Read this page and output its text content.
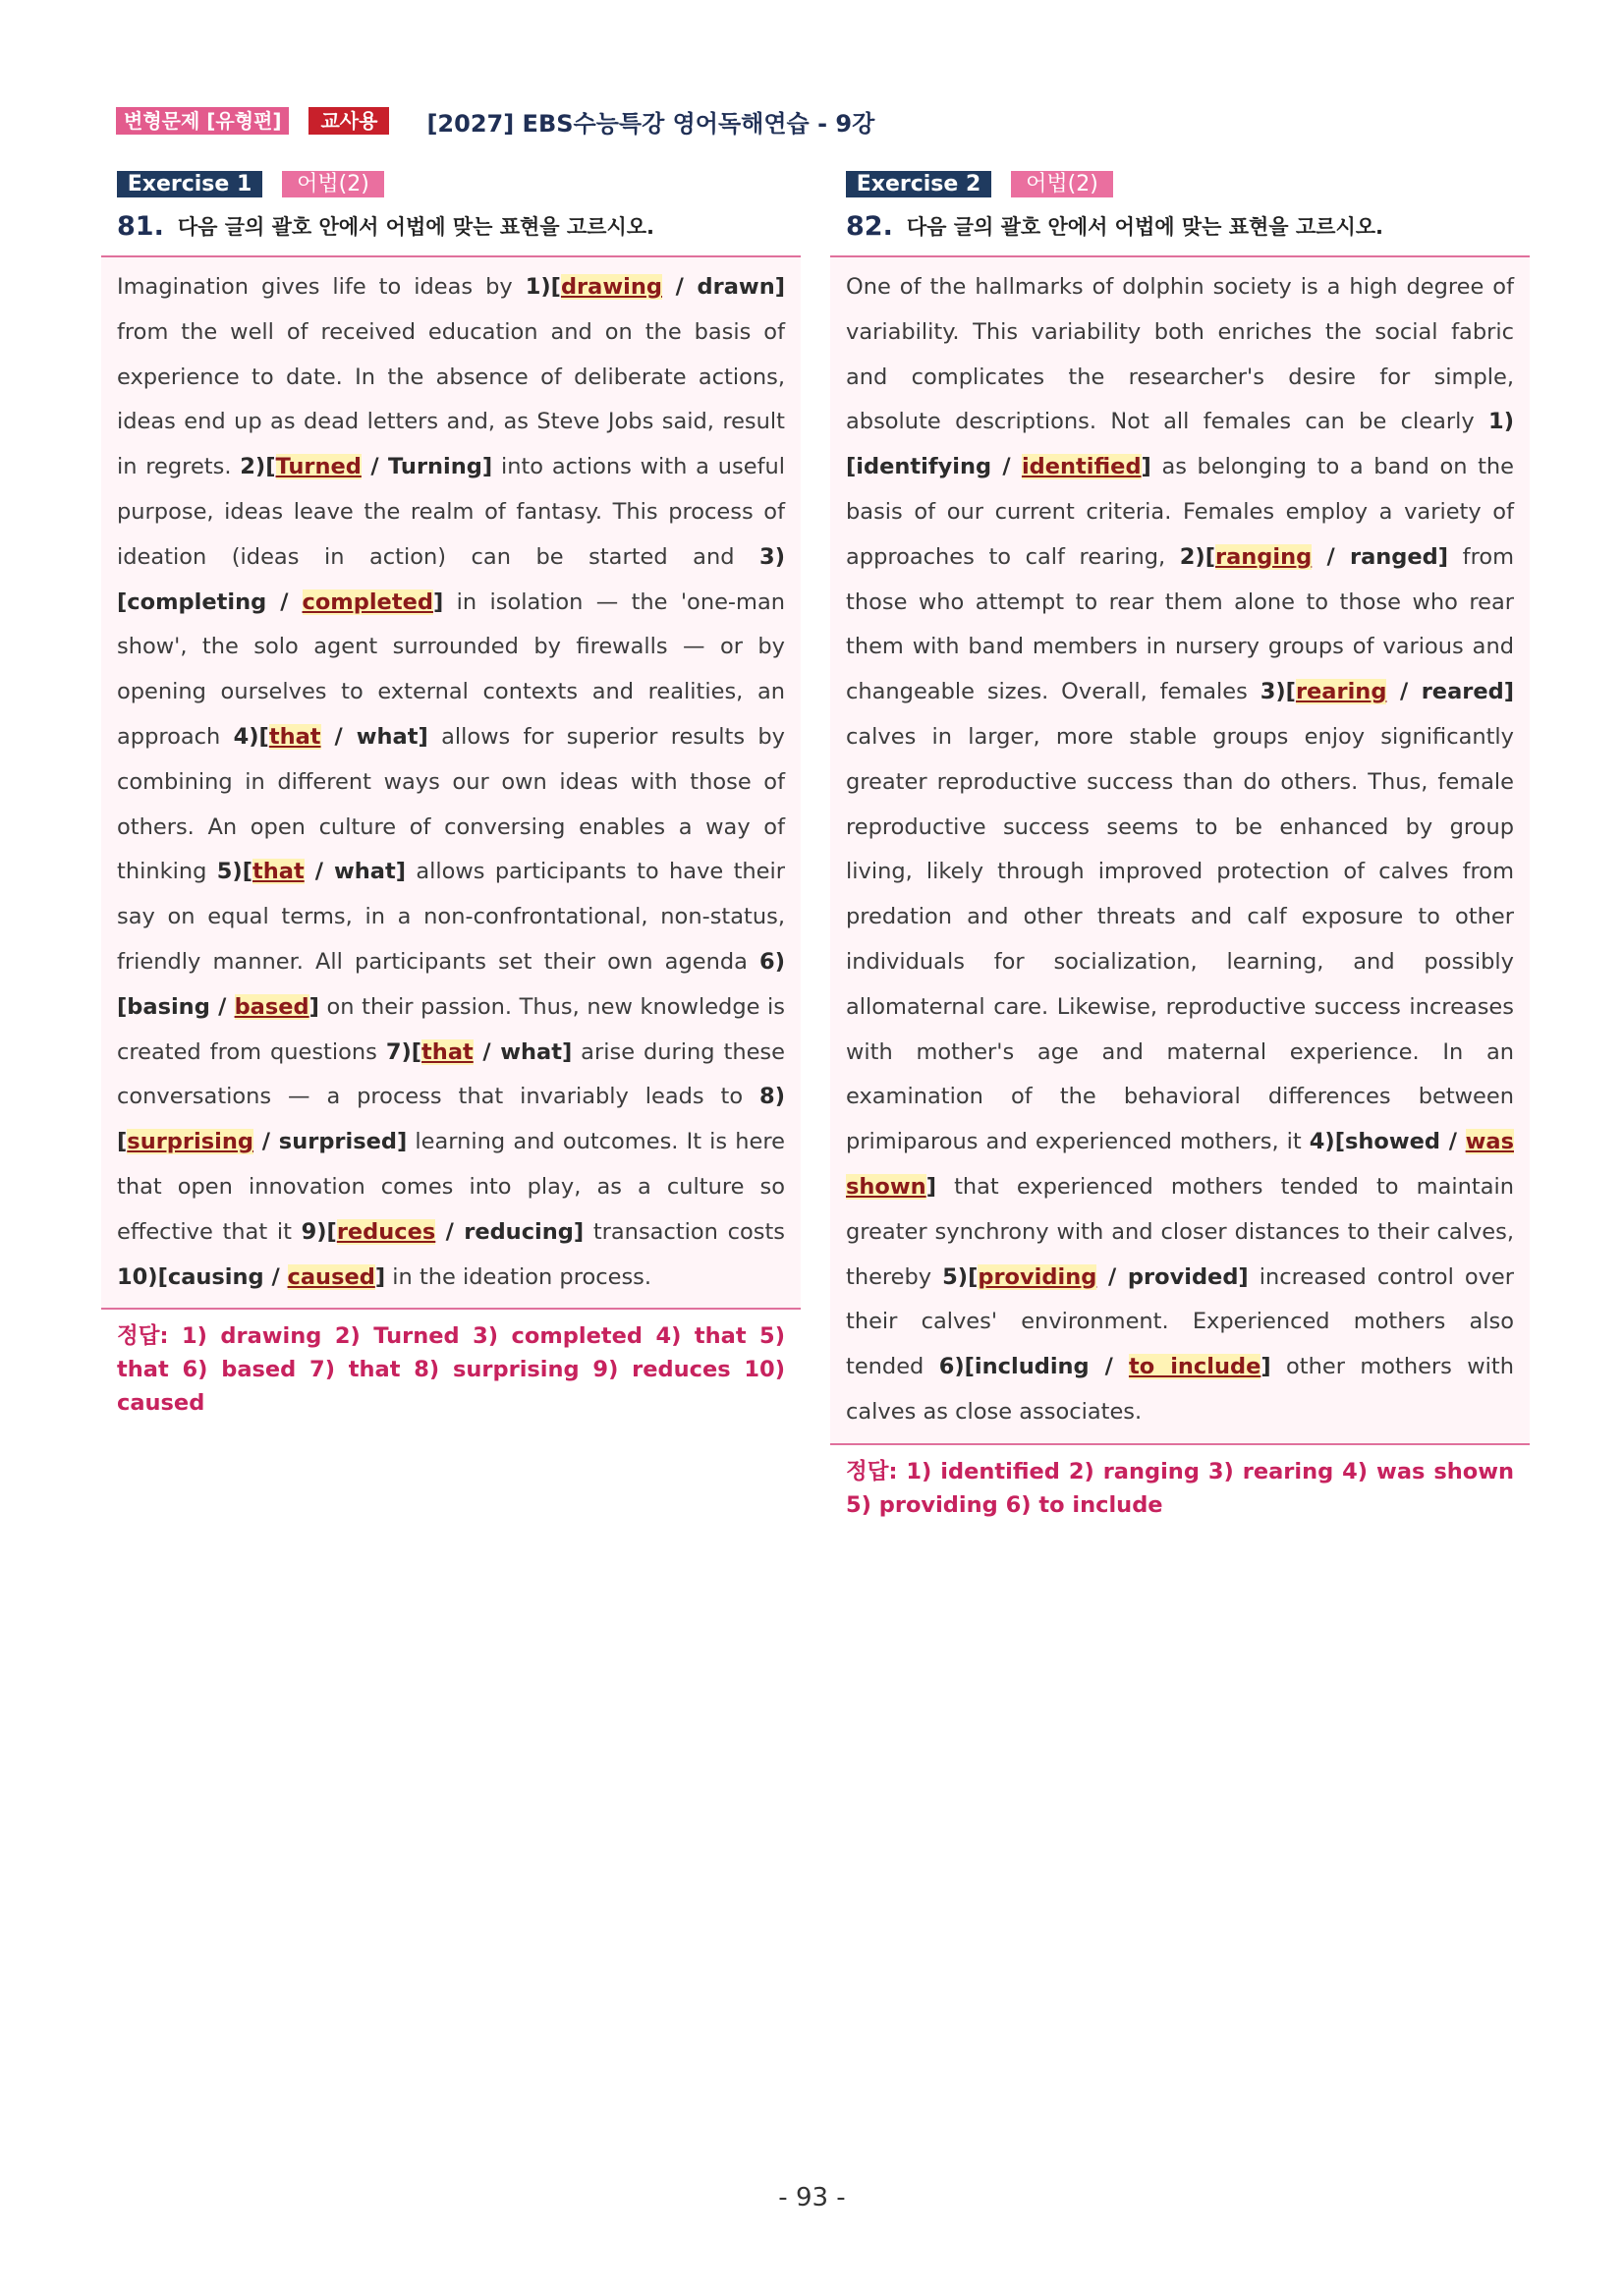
변형문제 [유형편]	교사용	[2027] EBS수능특강 영어독해연습 - 9강
Exercise 1	어법(2)
81. 다음 글의 괄호 안에서 어법에 맞는 표현을 고르시오.

Imagination gives life to ideas by 1)[drawing / drawn] from the well of received education and on the basis of experience to date. In the absence of deliberate actions, ideas end up as dead letters and, as Steve Jobs said, result in regrets. 2)[Turned / Turning] into actions with a useful purpose, ideas leave the realm of fantasy. This process of ideation (ideas in action) can be started and 3)[completing / completed] in isolation — the 'one-man show', the solo agent surrounded by firewalls — or by opening ourselves to external contexts and realities, an approach 4)[that / what] allows for superior results by combining in different ways our own ideas with those of others. An open culture of conversing enables a way of thinking 5)[that / what] allows participants to have their say on equal terms, in a non-confrontational, non-status, friendly manner. All participants set their own agenda 6)[basing / based] on their passion. Thus, new knowledge is created from questions 7)[that / what] arise during these conversations — a process that invariably leads to 8)[surprising / surprised] learning and outcomes. It is here that open innovation comes into play, as a culture so effective that it 9)[reduces / reducing] transaction costs 10)[causing / caused] in the ideation process.

정답: 1) drawing 2) Turned 3) completed 4) that 5) that 6) based 7) that 8) surprising 9) reduces 10) caused
Exercise 2	어법(2)
82. 다음 글의 괄호 안에서 어법에 맞는 표현을 고르시오.

One of the hallmarks of dolphin society is a high degree of variability. This variability both enriches the social fabric and complicates the researcher's desire for simple, absolute descriptions. Not all females can be clearly 1)[identifying / identified] as belonging to a band on the basis of our current criteria. Females employ a variety of approaches to calf rearing, 2)[ranging / ranged] from those who attempt to rear them alone to those who rear them with band members in nursery groups of various and changeable sizes. Overall, females 3)[rearing / reared] calves in larger, more stable groups enjoy significantly greater reproductive success than do others. Thus, female reproductive success seems to be enhanced by group living, likely through improved protection of calves from predation and other threats and calf exposure to other individuals for socialization, learning, and possibly allomaternal care. Likewise, reproductive success increases with mother's age and maternal experience. In an examination of the behavioral differences between primiparous and experienced mothers, it 4)[showed / was shown] that experienced mothers tended to maintain greater synchrony with and closer distances to their calves, thereby 5)[providing / provided] increased control over their calves' environment. Experienced mothers also tended 6)[including / to include] other mothers with calves as close associates.

정답: 1) identified 2) ranging 3) rearing 4) was shown 5) providing 6) to include
- 93 -
